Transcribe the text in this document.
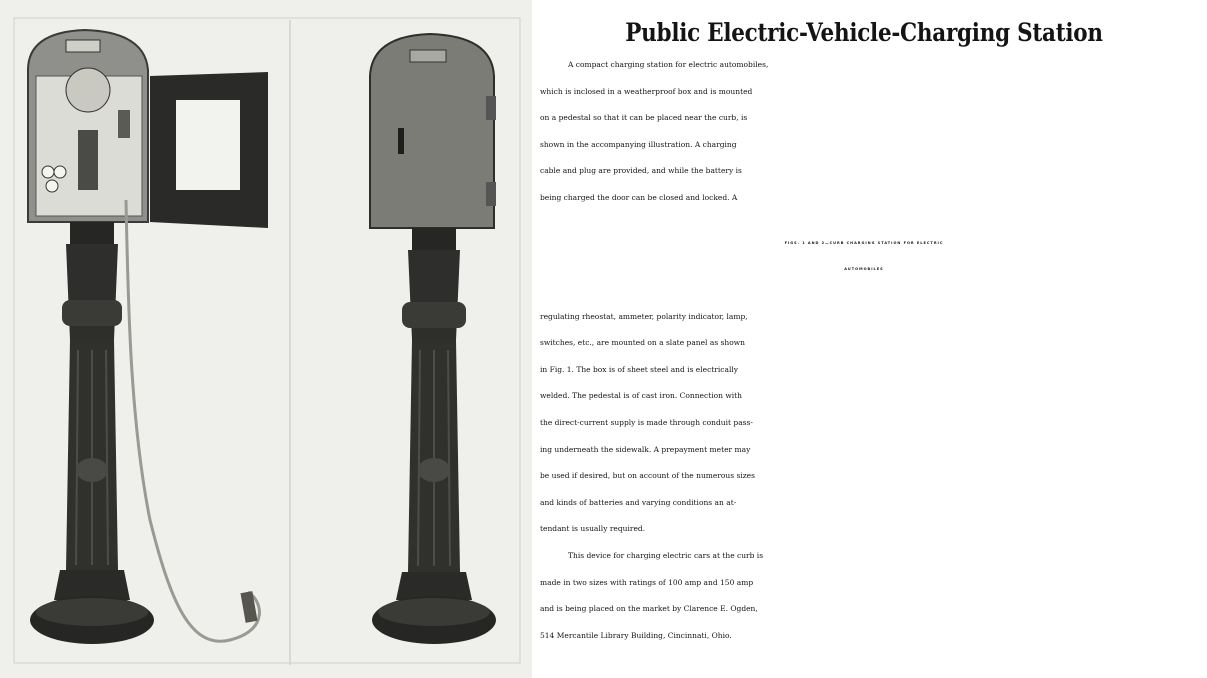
Public Electric-Vehicle-Charging Station

A compact charging station for electric automobiles,
which is inclosed in a weatherproof box and is mounted
on a pedestal so that it can be placed near the curb, is
shown in the accompanying illustration. A charging
cable and plug are provided, and while the battery is
being charged the door can be closed and locked. A

FIGS. 1 AND 2—CURB CHARGING STATION FOR ELECTRIC
AUTOMOBILES

regulating rheostat, ammeter, polarity indicator, lamp,
switches, etc., are mounted on a slate panel as shown
in Fig. 1. The box is of sheet steel and is electrically
welded. The pedestal is of cast iron. Connection with
the direct-current supply is made through conduit pass-
ing underneath the sidewalk. A prepayment meter may
be used if desired, but on account of the numerous sizes
and kinds of batteries and varying conditions an at-
tendant is usually required.

This device for charging electric cars at the curb is
made in two sizes with ratings of 100 amp and 150 amp
and is being placed on the market by Clarence E. Ogden,
514 Mercantile Library Building, Cincinnati, Ohio.
